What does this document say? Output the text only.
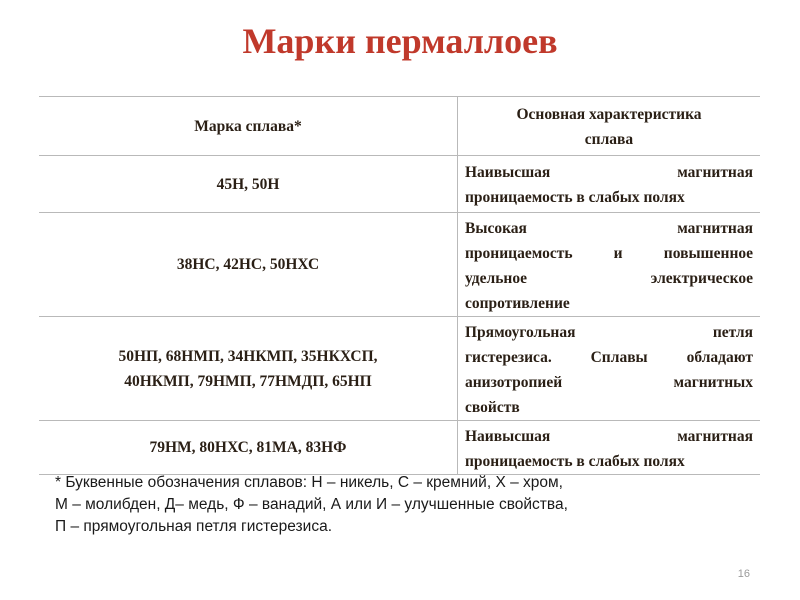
Марки пермаллоев
Марка сплава*	Основная характеристика
сплава

45Н, 50Н	Наивысшая магнитная
проницаемость в слабых полях

38НС, 42НС, 50НХС	Высокая магнитная
проницаемость и повышенное
удельное электрическое
сопротивление

50НП, 68НМП, 34НКМП, 35НКХСП,
40НКМП, 79НМП, 77НМДП, 65НП	Прямоугольная петля
гистерезиса. Сплавы обладают
анизотропией магнитных
свойств

79НМ, 80НХС, 81МА, 83НФ	Наивысшая магнитная
проницаемость в слабых полях
* Буквенные обозначения сплавов: Н – никель, С – кремний, Х – хром,
М – молибден, Д– медь, Ф – ванадий, А или И – улучшенные свойства,
П – прямоугольная петля гистерезиса.
16
